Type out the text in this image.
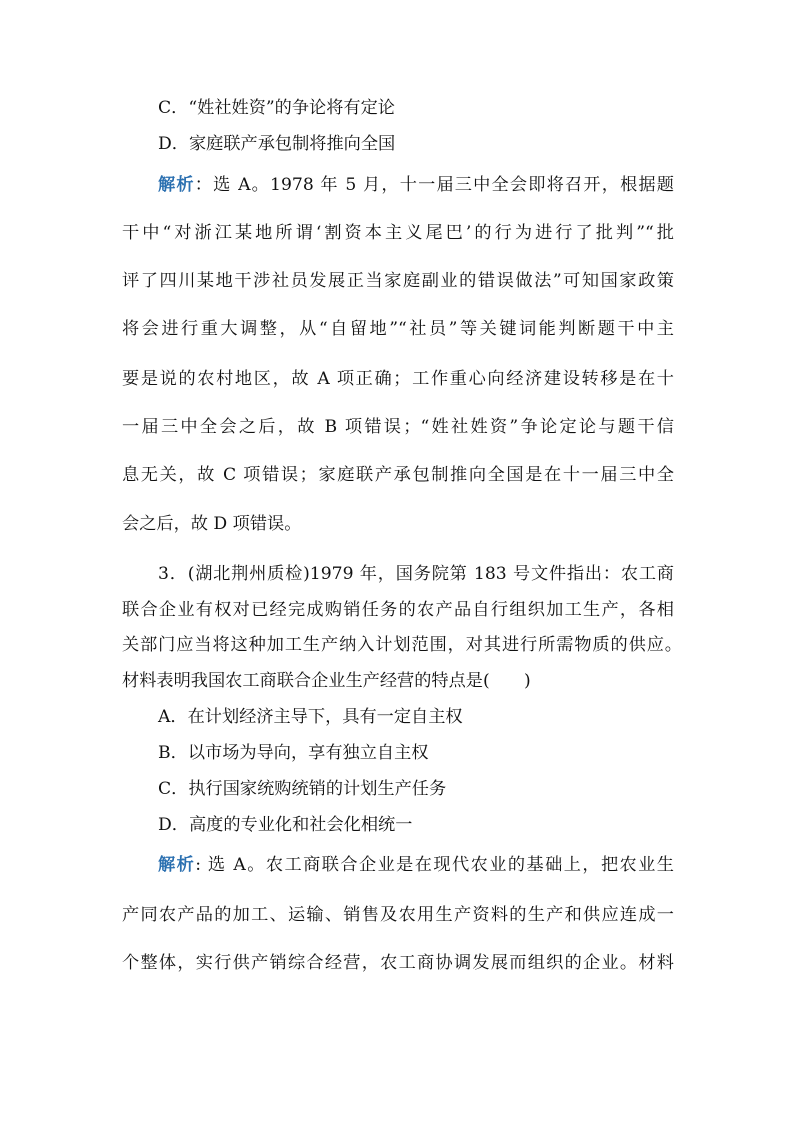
C．“姓社姓资”的争论将有定论
D．家庭联产承包制将推向全国
解析：选 A。1978 年 5 月，十一届三中全会即将召开，根据题
干中“对浙江某地所谓‘割资本主义尾巴’的行为进行了批判”“批
评了四川某地干涉社员发展正当家庭副业的错误做法”可知国家政策
将会进行重大调整，从“自留地”“社员”等关键词能判断题干中主
要是说的农村地区，故 A 项正确；工作重心向经济建设转移是在十
一届三中全会之后，故 B 项错误；“姓社姓资”争论定论与题干信
息无关，故 C 项错误；家庭联产承包制推向全国是在十一届三中全
会之后，故 D 项错误。
3．(湖北荆州质检)1979 年，国务院第 183 号文件指出：农工商
联合企业有权对已经完成购销任务的农产品自行组织加工生产，各相
关部门应当将这种加工生产纳入计划范围，对其进行所需物质的供应。
材料表明我国农工商联合企业生产经营的特点是(　　)
A．在计划经济主导下，具有一定自主权
B．以市场为导向，享有独立自主权
C．执行国家统购统销的计划生产任务
D．高度的专业化和社会化相统一
解析: 选 A。农工商联合企业是在现代农业的基础上，把农业生
产同农产品的加工、运输、销售及农用生产资料的生产和供应连成一
个整体，实行供产销综合经营，农工商协调发展而组织的企业。材料
